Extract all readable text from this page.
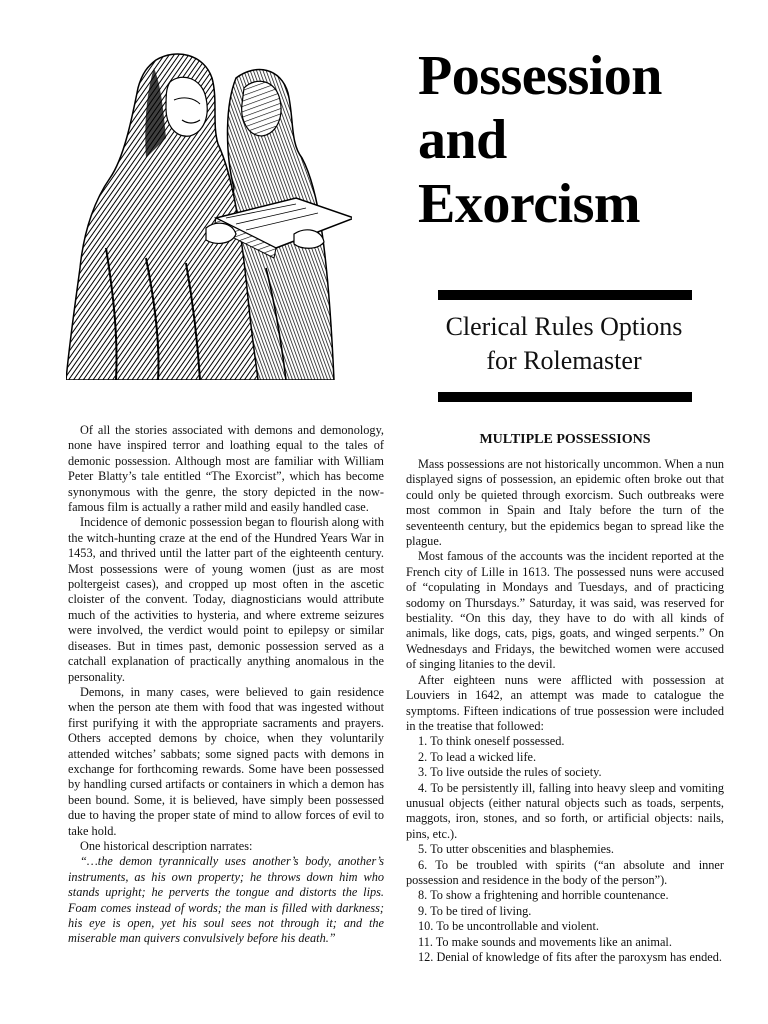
Possession
and
Exorcism
Clerical Rules Options
for Rolemaster

Of all the stories associated with demons and demonology, none have inspired terror and loathing equal to the tales of demonic possession. Although most are familiar with William Peter Blatty’s tale entitled “The Exorcist”, which has become synonymous with the genre, the story depicted in the now-famous film is actually a rather mild and easily handled case.

Incidence of demonic possession began to flourish along with the witch-hunting craze at the end of the Hundred Years War in 1453, and thrived until the latter part of the eighteenth century. Most possessions were of young women (just as are most poltergeist cases), and cropped up most often in the ascetic cloister of the convent. Today, diagnosticians would attribute much of the activities to hysteria, and where extreme seizures were involved, the verdict would point to epilepsy or similar diseases. But in times past, demonic possession served as a catchall explanation of practically anything anomalous in the personality.

Demons, in many cases, were believed to gain residence when the person ate them with food that was ingested without first purifying it with the appropriate sacraments and prayers. Others accepted demons by choice, when they voluntarily attended witches’ sabbats; some signed pacts with demons in exchange for forthcoming rewards. Some have been possessed by handling cursed artifacts or containers in which a demon has been bound. Some, it is believed, have simply been possessed due to having the proper state of mind to allow forces of evil to take hold.

One historical description narrates:

“…the demon tyrannically uses another’s body, another’s instruments, as his own property; he throws down him who stands upright; he perverts the tongue and distorts the lips. Foam comes instead of words; the man is filled with darkness; his eye is open, yet his soul sees not through it; and the miserable man quivers convulsively before his death.”

MULTIPLE POSSESSIONS

Mass possessions are not historically uncommon. When a nun displayed signs of possession, an epidemic often broke out that could only be quieted through exorcism. Such outbreaks were most common in Spain and Italy before the turn of the seventeenth century, but the epidemics began to spread like the plague.

Most famous of the accounts was the incident reported at the French city of Lille in 1613. The possessed nuns were accused of “copulating in Mondays and Tuesdays, and of practicing sodomy on Thursdays.” Saturday, it was said, was reserved for bestiality. “On this day, they have to do with all kinds of animals, like dogs, cats, pigs, goats, and winged serpents.” On Wednesdays and Fridays, the bewitched women were accused of singing litanies to the devil.

After eighteen nuns were afflicted with possession at Louviers in 1642, an attempt was made to catalogue the symptoms. Fifteen indications of true possession were included in the treatise that followed:

1. To think oneself possessed.
2. To lead a wicked life.
3. To live outside the rules of society.
4. To be persistently ill, falling into heavy sleep and vomiting unusual objects (either natural objects such as toads, serpents, maggots, iron, stones, and so forth, or artificial objects: nails, pins, etc.).
5. To utter obscenities and blasphemies.
6. To be troubled with spirits (“an absolute and inner possession and residence in the body of the person”).
8. To show a frightening and horrible countenance.
9. To be tired of living.
10. To be uncontrollable and violent.
11. To make sounds and movements like an animal.
12. Denial of knowledge of fits after the paroxysm has ended.
